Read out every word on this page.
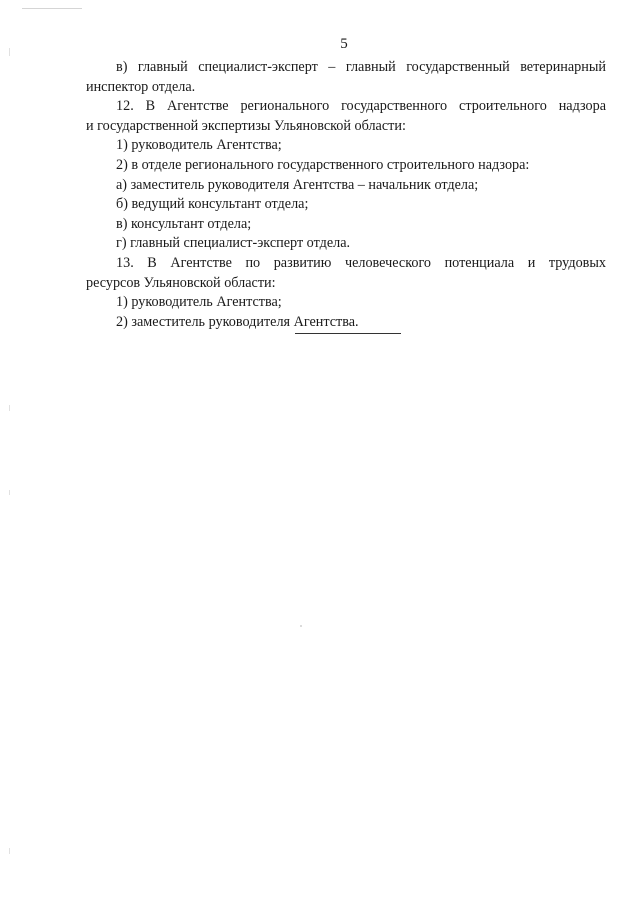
5
в) главный специалист-эксперт – главный государственный ветеринарный
инспектор отдела.
12. В Агентстве регионального государственного строительного надзора
и государственной экспертизы Ульяновской области:
1) руководитель Агентства;
2) в отделе регионального государственного строительного надзора:
а) заместитель руководителя Агентства – начальник отдела;
б) ведущий консультант отдела;
в) консультант отдела;
г) главный специалист-эксперт отдела.
13. В Агентстве по развитию человеческого потенциала и трудовых
ресурсов Ульяновской области:
1) руководитель Агентства;
2) заместитель руководителя Агентства.
